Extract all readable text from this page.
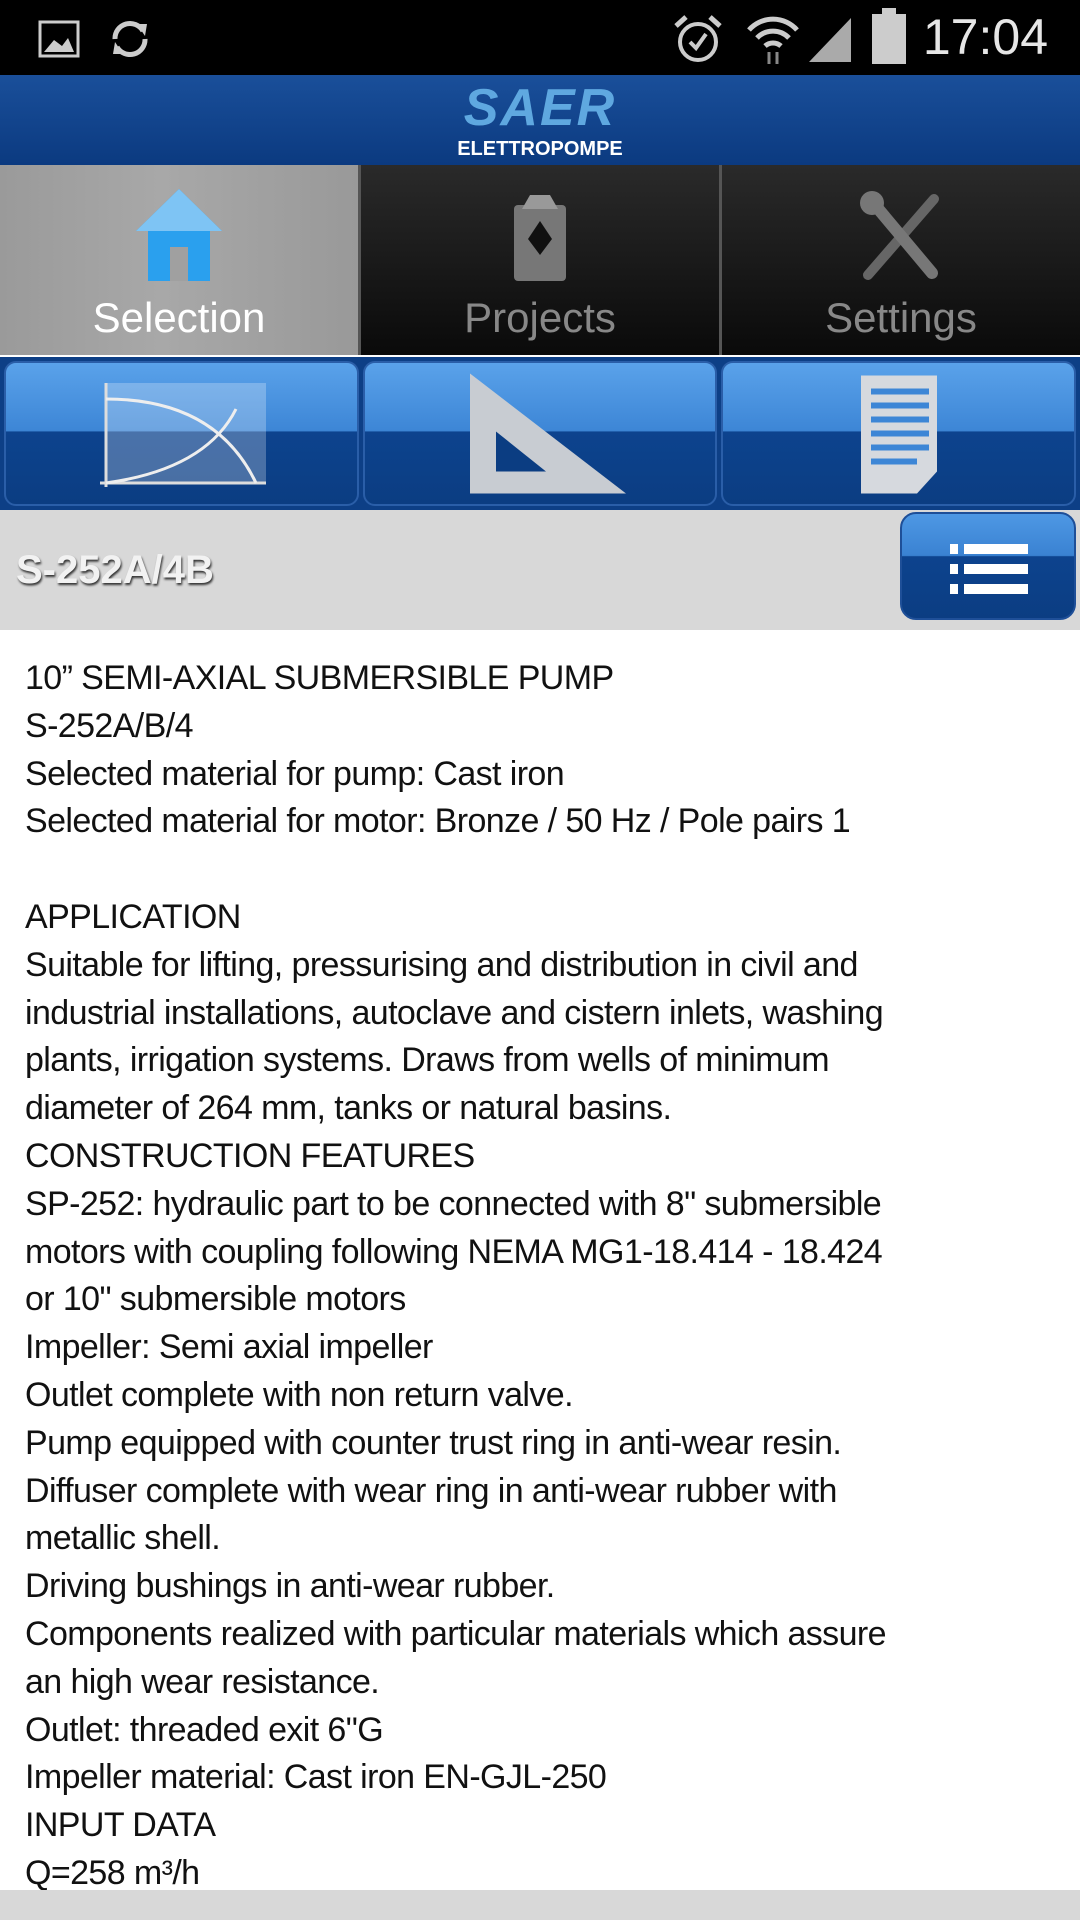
17:04
SAER
ELETTROPOMPE
Selection	Projects	Settings
S-252A/4B
10” SEMI-AXIAL SUBMERSIBLE PUMP
S-252A/B/4
Selected material for pump: Cast iron
Selected material for motor: Bronze / 50 Hz / Pole pairs 1
APPLICATION
Suitable for lifting, pressurising and distribution in civil and
industrial installations, autoclave and cistern inlets, washing
plants, irrigation systems. Draws from wells of minimum
diameter of 264 mm, tanks or natural basins.
CONSTRUCTION FEATURES
SP-252: hydraulic part to be connected with 8" submersible
motors with coupling following NEMA MG1-18.414 - 18.424
or 10" submersible motors
Impeller: Semi axial impeller
Outlet complete with non return valve.
Pump equipped with counter trust ring in anti-wear resin.
Diffuser complete with wear ring in anti-wear rubber with
metallic shell.
Driving bushings in anti-wear rubber.
Components realized with particular materials which assure
an high wear resistance.
Outlet: threaded exit 6"G
Impeller material: Cast iron EN-GJL-250
INPUT DATA
Q=258 m³/h
